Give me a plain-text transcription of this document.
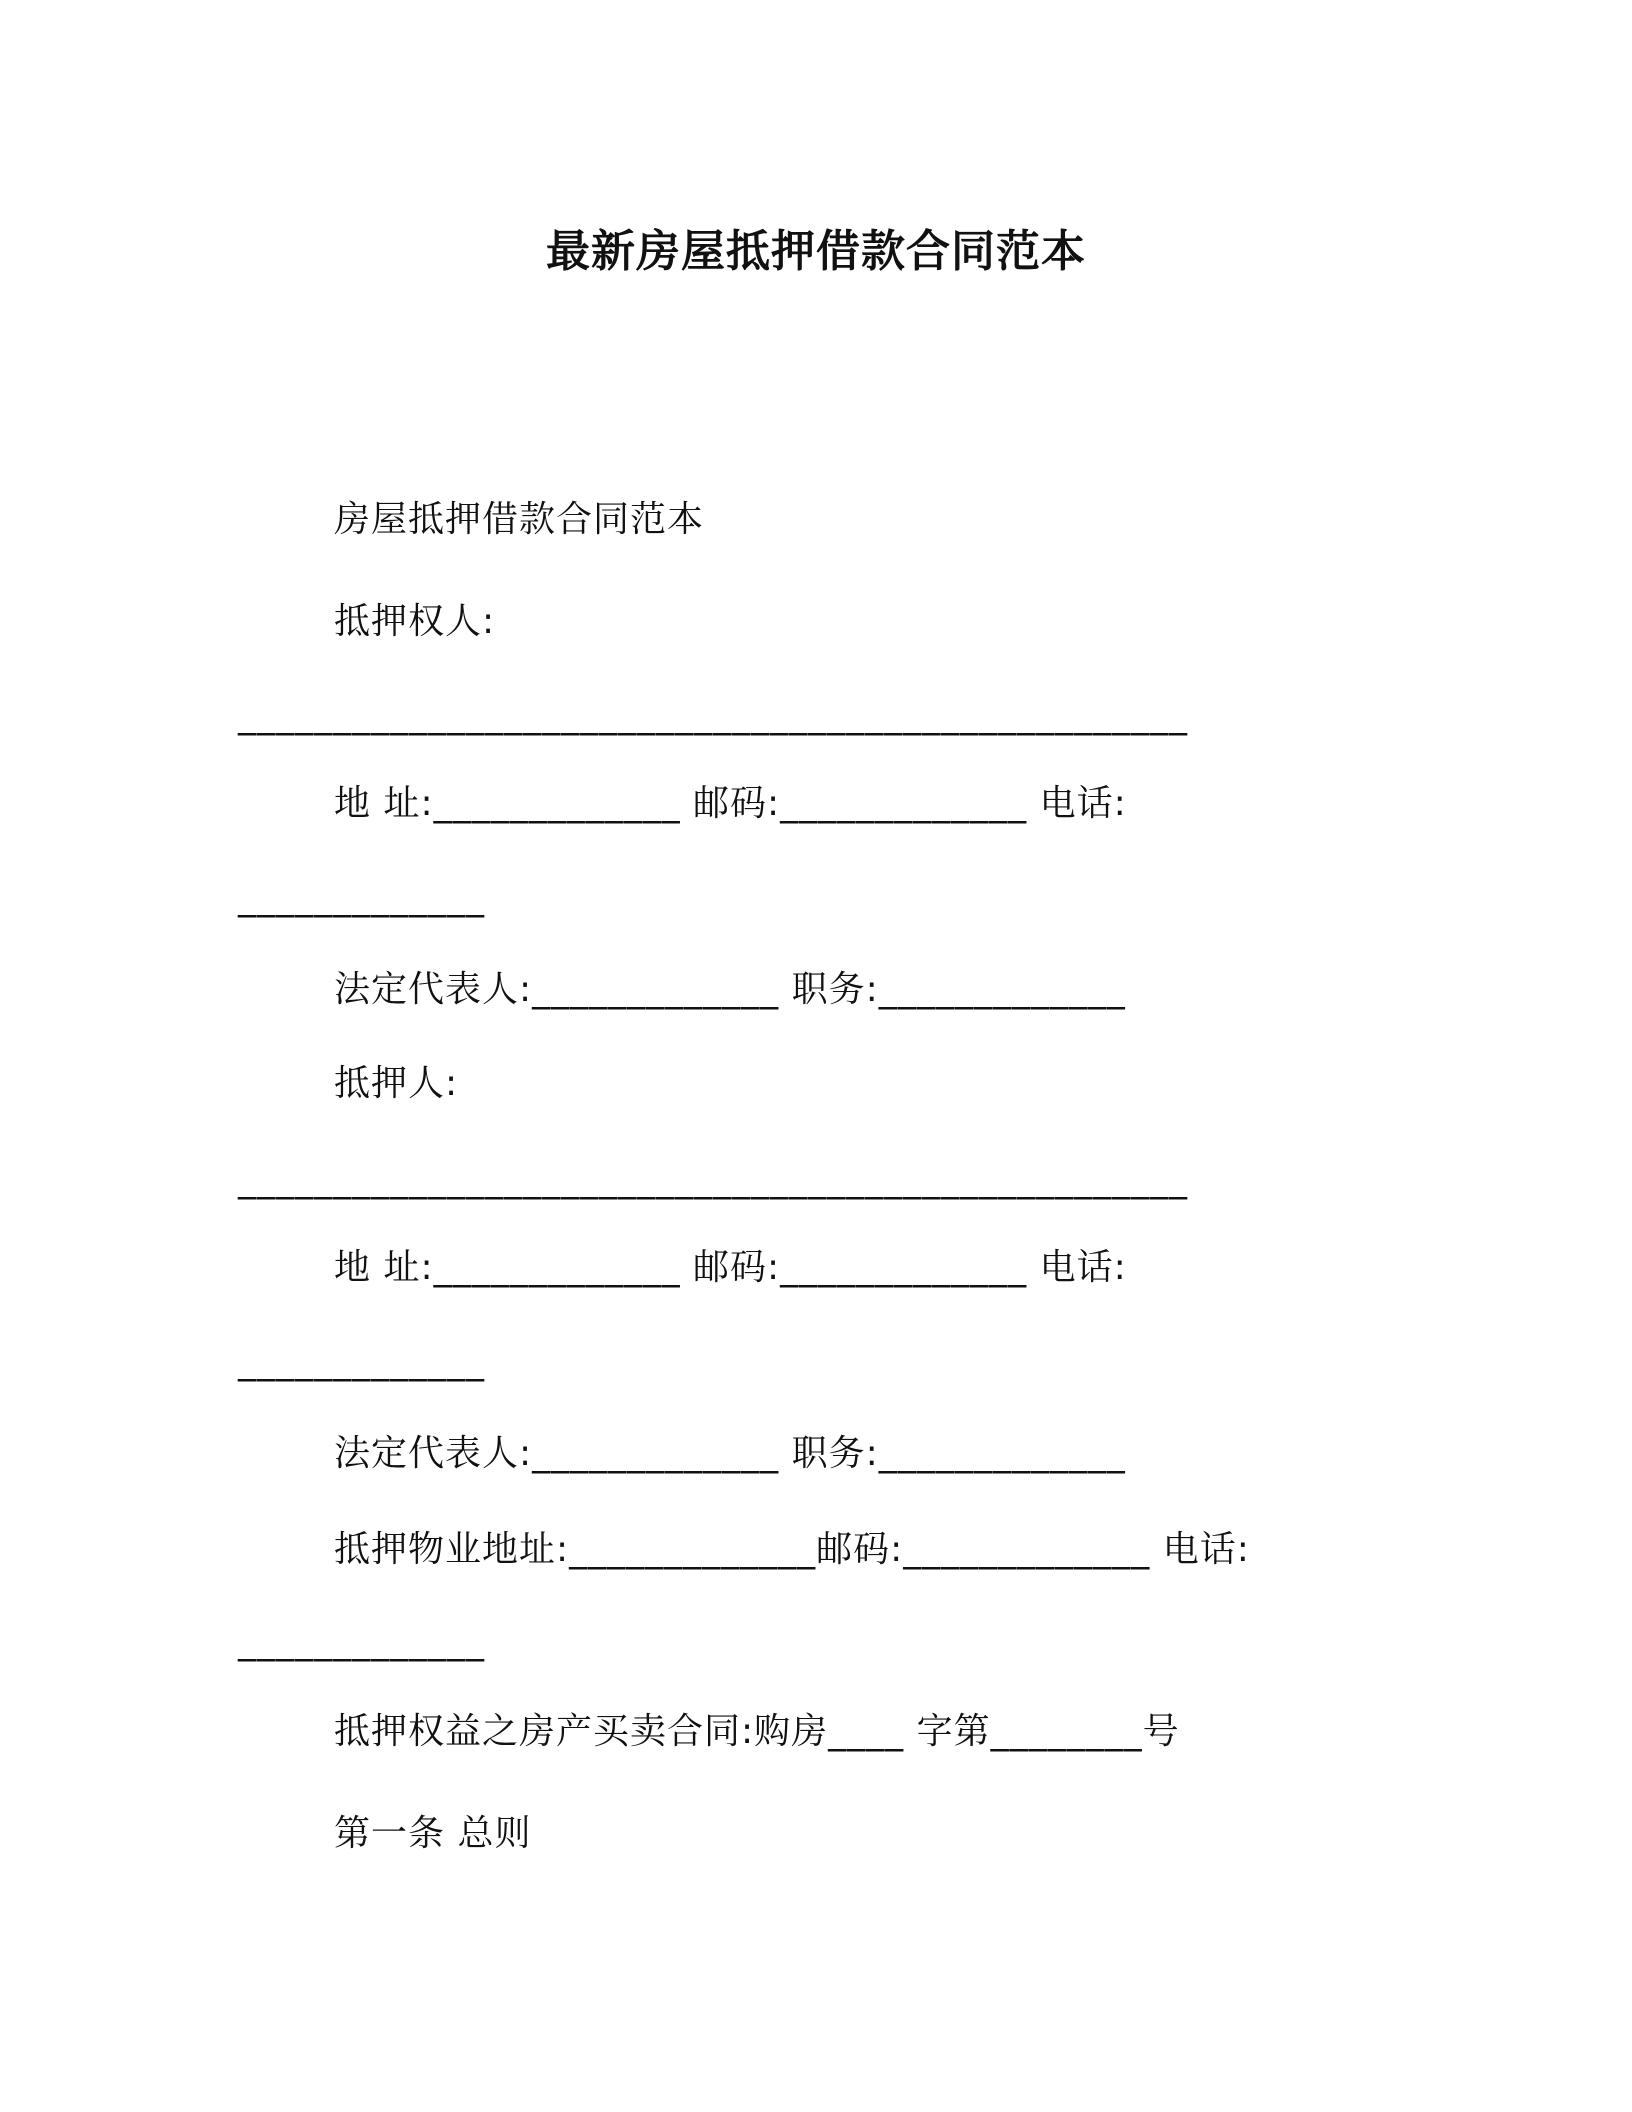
最新房屋抵押借款合同范本
房屋抵押借款合同范本
抵押权人:
__________________________________________________
地 址:_____________ 邮码:_____________ 电话:
_____________
法定代表人:_____________ 职务:_____________
抵押人:
__________________________________________________
地 址:_____________ 邮码:_____________ 电话:
_____________
法定代表人:_____________ 职务:_____________
抵押物业地址:_____________邮码:_____________ 电话:
_____________
抵押权益之房产买卖合同:购房____ 字第________号
第一条 总则
